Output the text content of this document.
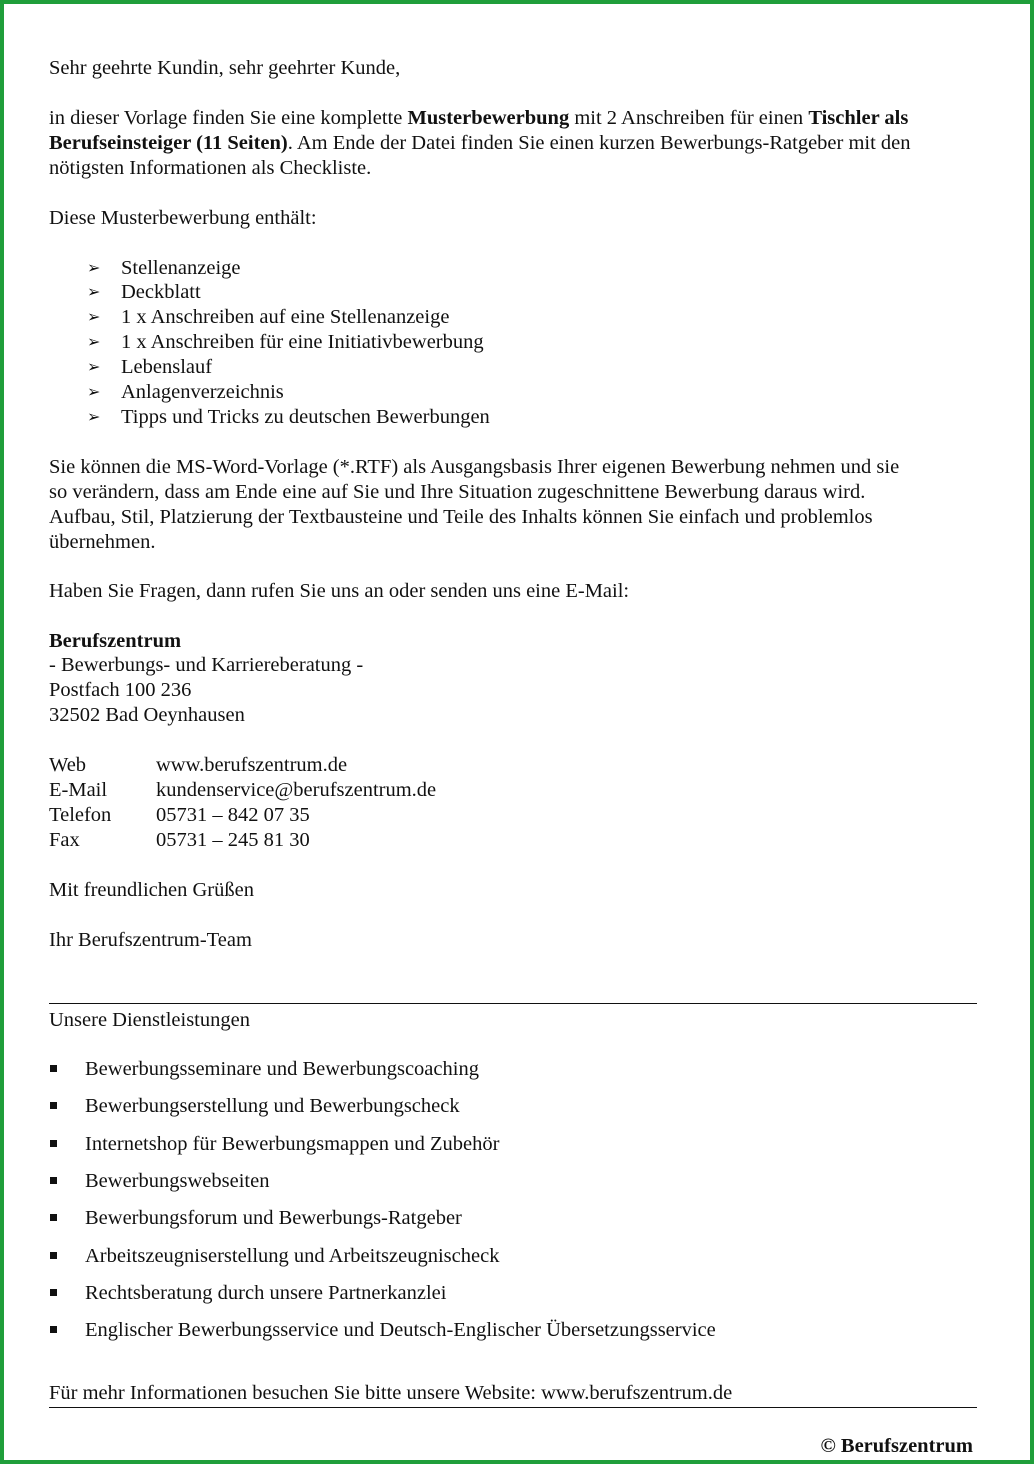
Sehr geehrte Kundin, sehr geehrter Kunde,
in dieser Vorlage finden Sie eine komplette Musterbewerbung mit 2 Anschreiben für einen Tischler als
Berufseinsteiger (11 Seiten). Am Ende der Datei finden Sie einen kurzen Bewerbungs-Ratgeber mit den
nötigsten Informationen als Checkliste.
Diese Musterbewerbung enthält:
➢ Stellenanzeige
➢ Deckblatt
➢ 1 x Anschreiben auf eine Stellenanzeige
➢ 1 x Anschreiben für eine Initiativbewerbung
➢ Lebenslauf
➢ Anlagenverzeichnis
➢ Tipps und Tricks zu deutschen Bewerbungen
Sie können die MS-Word-Vorlage (*.RTF) als Ausgangsbasis Ihrer eigenen Bewerbung nehmen und sie
so verändern, dass am Ende eine auf Sie und Ihre Situation zugeschnittene Bewerbung daraus wird.
Aufbau, Stil, Platzierung der Textbausteine und Teile des Inhalts können Sie einfach und problemlos
übernehmen.
Haben Sie Fragen, dann rufen Sie uns an oder senden uns eine E-Mail:
Berufszentrum
- Bewerbungs- und Karriereberatung -
Postfach 100 236
32502 Bad Oeynhausen
Web	www.berufszentrum.de
E-Mail kundenservice@berufszentrum.de
Telefon 05731 – 842 07 35
Fax	05731 – 245 81 30
Mit freundlichen Grüßen
Ihr Berufszentrum-Team
Unsere Dienstleistungen
Bewerbungsseminare und Bewerbungscoaching
Bewerbungserstellung und Bewerbungscheck
Internetshop für Bewerbungsmappen und Zubehör
Bewerbungswebseiten
Bewerbungsforum und Bewerbungs-Ratgeber
Arbeitszeugniserstellung und Arbeitszeugnischeck
Rechtsberatung durch unsere Partnerkanzlei
Englischer Bewerbungsservice und Deutsch-Englischer Übersetzungsservice
Für mehr Informationen besuchen Sie bitte unsere Website: www.berufszentrum.de
© Berufszentrum
